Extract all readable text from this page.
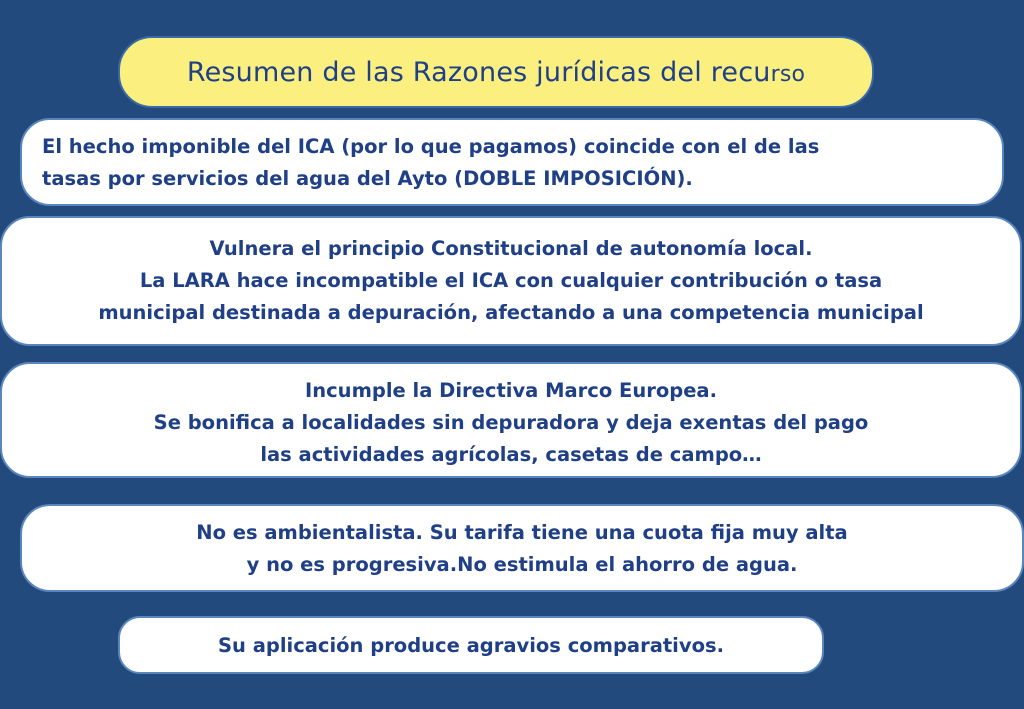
Resumen de las Razones jurídicas del recurso
El hecho imponible del ICA (por lo que pagamos) coincide con el de las
tasas por servicios del agua del Ayto (DOBLE IMPOSICIÓN).
Vulnera el principio Constitucional de autonomía local.
La LARA hace incompatible el ICA con cualquier contribución o tasa
municipal destinada a depuración, afectando a una competencia municipal
Incumple la Directiva Marco Europea.
Se bonifica a localidades sin depuradora y deja exentas del pago
las actividades agrícolas, casetas de campo…
No es ambientalista. Su tarifa tiene una cuota fija muy alta
y no es progresiva.No estimula el ahorro de agua.
Su aplicación produce agravios comparativos.
